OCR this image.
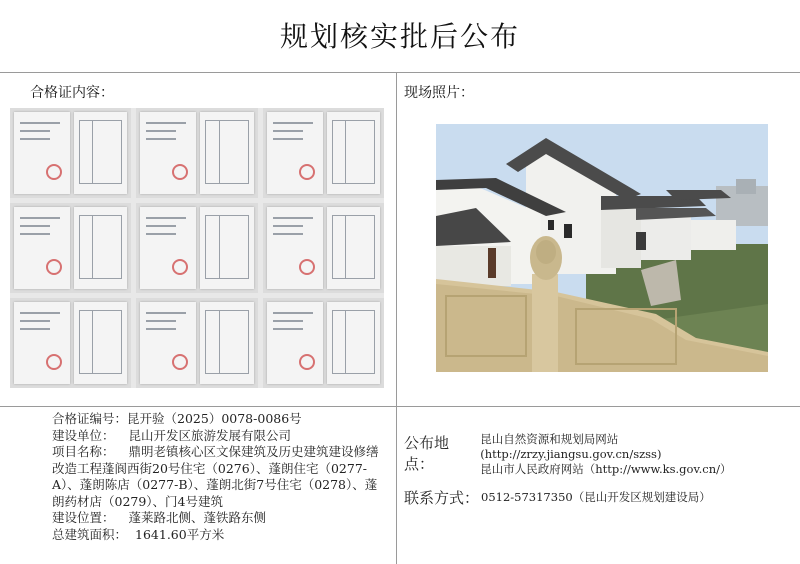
规划核实批后公布
合格证内容：	现场照片：
合格证编号： 昆开验（2025）0078-0086号
建设单位： 昆山开发区旅游发展有限公司
项目名称： 鼎明老镇核心区文保建筑及历史建筑建设修缮改造工程蓬阆西街20号住宅（0276）、蓬朗住宅（0277-A）、蓬朗陈店（0277-B）、蓬朗北街7号住宅（0278）、蓬朗药材店（0279）、门4号建筑
建设位置： 蓬莱路北侧、蓬铁路东侧
总建筑面积： 1641.60平方米
公布地点：
昆山自然资源和规划局网站(http://zrzy.jiangsu.gov.cn/szss)
昆山市人民政府网站（http://www.ks.gov.cn/）
联系方式： 0512-57317350（昆山开发区规划建设局）
